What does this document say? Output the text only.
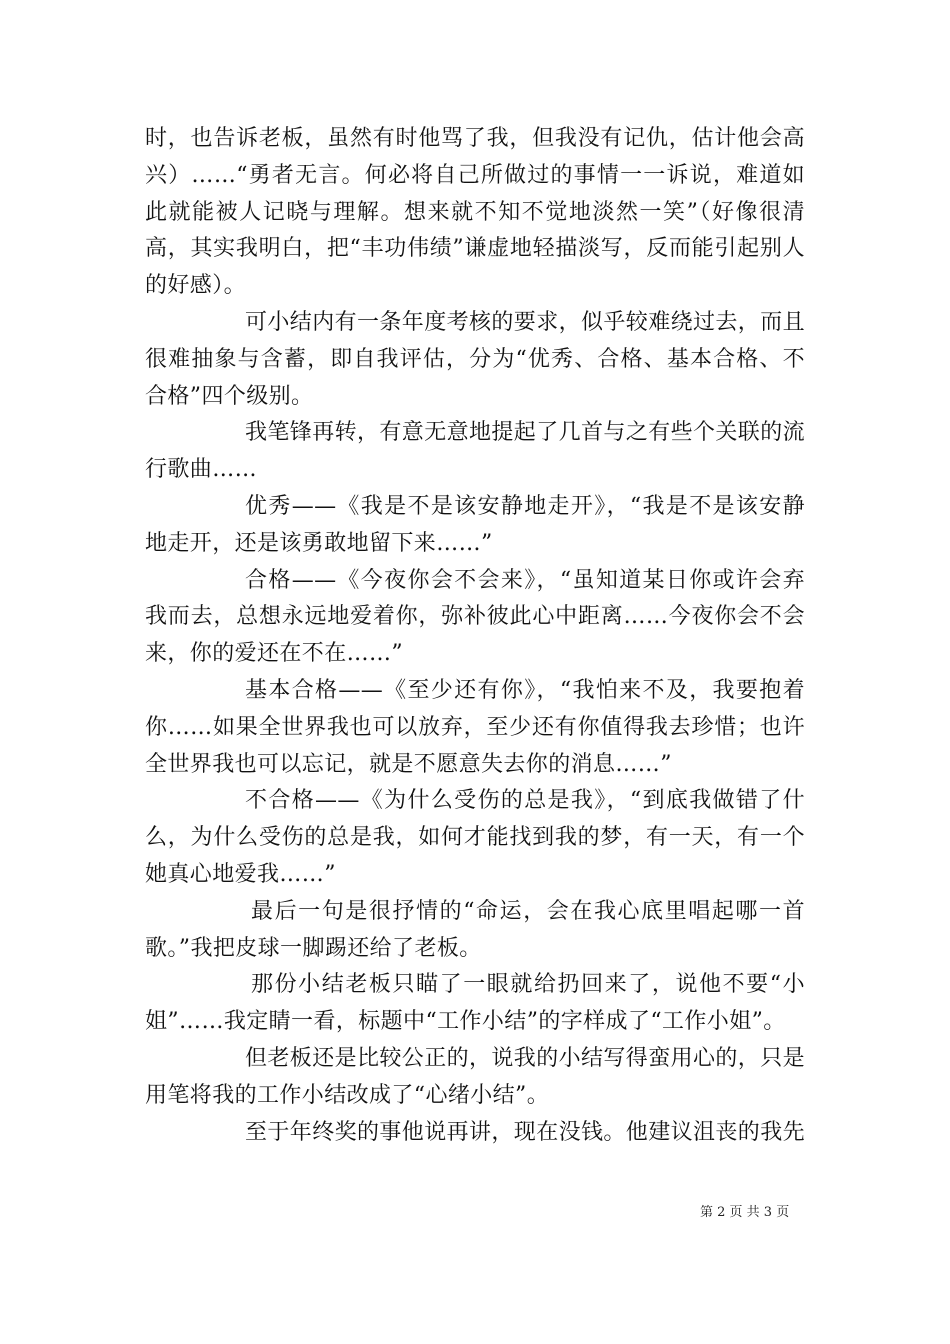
时，也告诉老板，虽然有时他骂了我，但我没有记仇，估计他会高兴）……“勇者无言。何必将自己所做过的事情一一诉说，难道如此就能被人记晓与理解。想来就不知不觉地淡然一笑”（好像很清高，其实我明白，把“丰功伟绩”谦虚地轻描淡写，反而能引起别人的好感）。

可小结内有一条年度考核的要求，似乎较难绕过去，而且很难抽象与含蓄，即自我评估，分为“优秀、合格、基本合格、不合格”四个级别。

我笔锋再转，有意无意地提起了几首与之有些个关联的流行歌曲……

优秀——《我是不是该安静地走开》，“我是不是该安静地走开，还是该勇敢地留下来……”

合格——《今夜你会不会来》，“虽知道某日你或许会弃我而去，总想永远地爱着你，弥补彼此心中距离……今夜你会不会来，你的爱还在不在……”

基本合格——《至少还有你》，“我怕来不及，我要抱着你……如果全世界我也可以放弃，至少还有你值得我去珍惜；也许全世界我也可以忘记，就是不愿意失去你的消息……”

不合格——《为什么受伤的总是我》，“到底我做错了什么，为什么受伤的总是我，如何才能找到我的梦，有一天，有一个她真心地爱我……”

最后一句是很抒情的“命运，会在我心底里唱起哪一首歌。”我把皮球一脚踢还给了老板。

那份小结老板只瞄了一眼就给扔回来了，说他不要“小姐”……我定睛一看，标题中“工作小结”的字样成了“工作小姐”。

但老板还是比较公正的，说我的小结写得蛮用心的，只是用笔将我的工作小结改成了“心绪小结”。

至于年终奖的事他说再讲，现在没钱。他建议沮丧的我先

第 2 页 共 3 页
